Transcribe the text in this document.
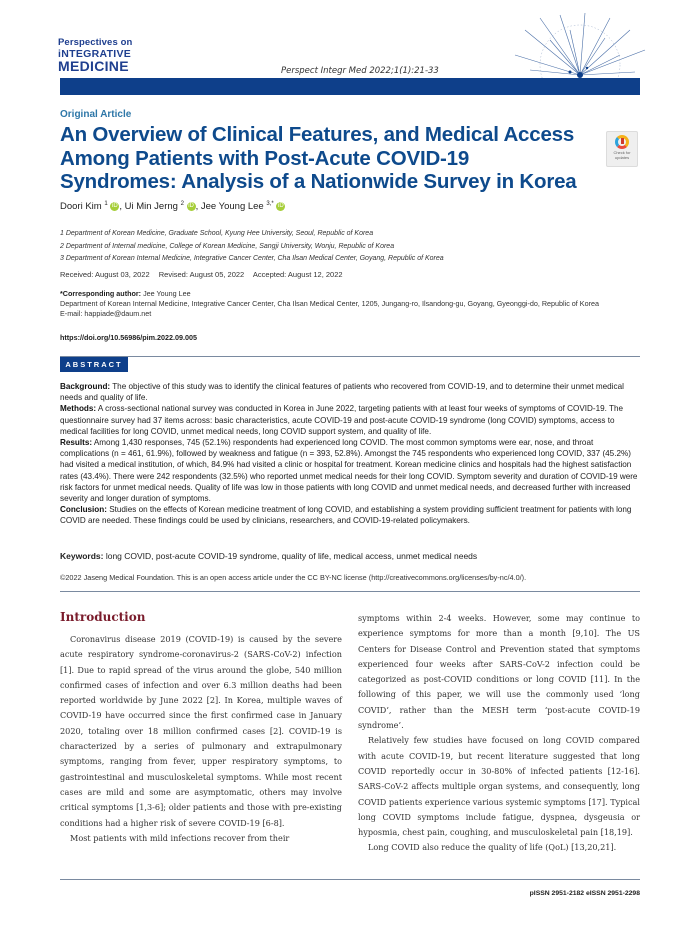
Perspectives on
iNTEGRATIVE
MEDICINE	Perspect Integr Med 2022;1(1):21-33
Original Article
An Overview of Clinical Features, and Medical Access Among Patients with Post-Acute COVID-19 Syndromes: Analysis of a Nationwide Survey in Korea
Check for updates
Doori Kim $^1$ iD , Ui Min Jerng $^2$ iD , Jee Young Lee $^{3,*}$ iD
1 Department of Korean Medicine, Graduate School, Kyung Hee University, Seoul, Republic of Korea
2 Department of Internal medicine, College of Korean Medicine, Sangji University, Wonju, Republic of Korea
3 Department of Korean Internal Medicine, Integrative Cancer Center, Cha Ilsan Medical Center, Goyang, Republic of Korea
Received: August 03, 2022 Revised: August 05, 2022 Accepted: August 12, 2022
*Corresponding author: Jee Young Lee
Department of Korean Internal Medicine, Integrative Cancer Center, Cha Ilsan Medical Center, 1205, Jungang-ro, Ilsandong-gu, Goyang, Gyeonggi-do, Republic of Korea
E-mail: happiade@daum.net
https://doi.org/10.56986/pim.2022.09.005
ABSTRACT

Background: The objective of this study was to identify the clinical features of patients who recovered from COVID-19, and to determine their unmet medical needs and quality of life.

Methods: A cross-sectional national survey was conducted in Korea in June 2022, targeting patients with at least four weeks of symptoms of COVID-19. The questionnaire survey had 37 items across: basic characteristics, acute COVID-19 and post-acute COVID-19 syndrome (long COVID) symptoms, access to medical facilities for long COVID, unmet medical needs, long COVID support system, and quality of life.

Results: Among 1,430 responses, 745 (52.1%) respondents had experienced long COVID. The most common symptoms were ear, nose, and throat complications (n = 461, 61.9%), followed by weakness and fatigue (n = 393, 52.8%). Amongst the 745 respondents who experienced long COVID, 337 (45.2%) had visited a medical institution, of which, 84.9% had visited a clinic or hospital for treatment. Korean medicine clinics and hospitals had the highest satisfaction rates (43.4%). There were 242 respondents (32.5%) who reported unmet medical needs for their long COVID. Symptom severity and duration of COVID-19 were risk factors for unmet medical needs. Quality of life was low in those patients with long COVID and unmet medical needs, and decreased further with increased severity and longer duration of symptoms.

Conclusion: Studies on the effects of Korean medicine treatment of long COVID, and establishing a system providing sufficient treatment for patients with long COVID are needed. These findings could be used by clinicians, researchers, and COVID-19-related policymakers.

Keywords: long COVID, post-acute COVID-19 syndrome, quality of life, medical access, unmet medical needs
©2022 Jaseng Medical Foundation. This is an open access article under the CC BY-NC license (http://creativecommons.org/licenses/by-nc/4.0/).
Introduction

Coronavirus disease 2019 (COVID-19) is caused by the severe acute respiratory syndrome-coronavirus-2 (SARS-CoV-2) infection [1]. Due to rapid spread of the virus around the globe, 540 million confirmed cases of infection and over 6.3 million deaths had been reported worldwide by June 2022 [2]. In Korea, multiple waves of COVID-19 have occurred since the first confirmed case in January 2020, totaling over 18 million confirmed cases [2]. COVID-19 is characterized by a series of pulmonary and extrapulmonary symptoms, ranging from fever, upper respiratory symptoms, to gastrointestinal and musculoskeletal symptoms. While most recent cases are mild and some are asymptomatic, others may involve critical symptoms [1,3-6]; older patients and those with pre-existing conditions had a higher risk of severe COVID-19 [6-8].

Most patients with mild infections recover from their

symptoms within 2-4 weeks. However, some may continue to experience symptoms for more than a month [9,10]. The US Centers for Disease Control and Prevention stated that symptoms experienced four weeks after SARS-CoV-2 infection could be categorized as post-COVID conditions or long COVID [11]. In the following of this paper, we will use the commonly used ‘long COVID’, rather than the MESH term ‘post-acute COVID-19 syndrome’.

Relatively few studies have focused on long COVID compared with acute COVID-19, but recent literature suggested that long COVID reportedly occur in 30-80% of infected patients [12-16]. SARS-CoV-2 affects multiple organ systems, and consequently, long COVID patients experience various systemic symptoms [17]. Typical long COVID symptoms include fatigue, dyspnea, dysgeusia or hyposmia, chest pain, coughing, and musculoskeletal pain [18,19].

Long COVID also reduce the quality of life (QoL) [13,20,21].

pISSN 2951-2182 eISSN 2951-2298
